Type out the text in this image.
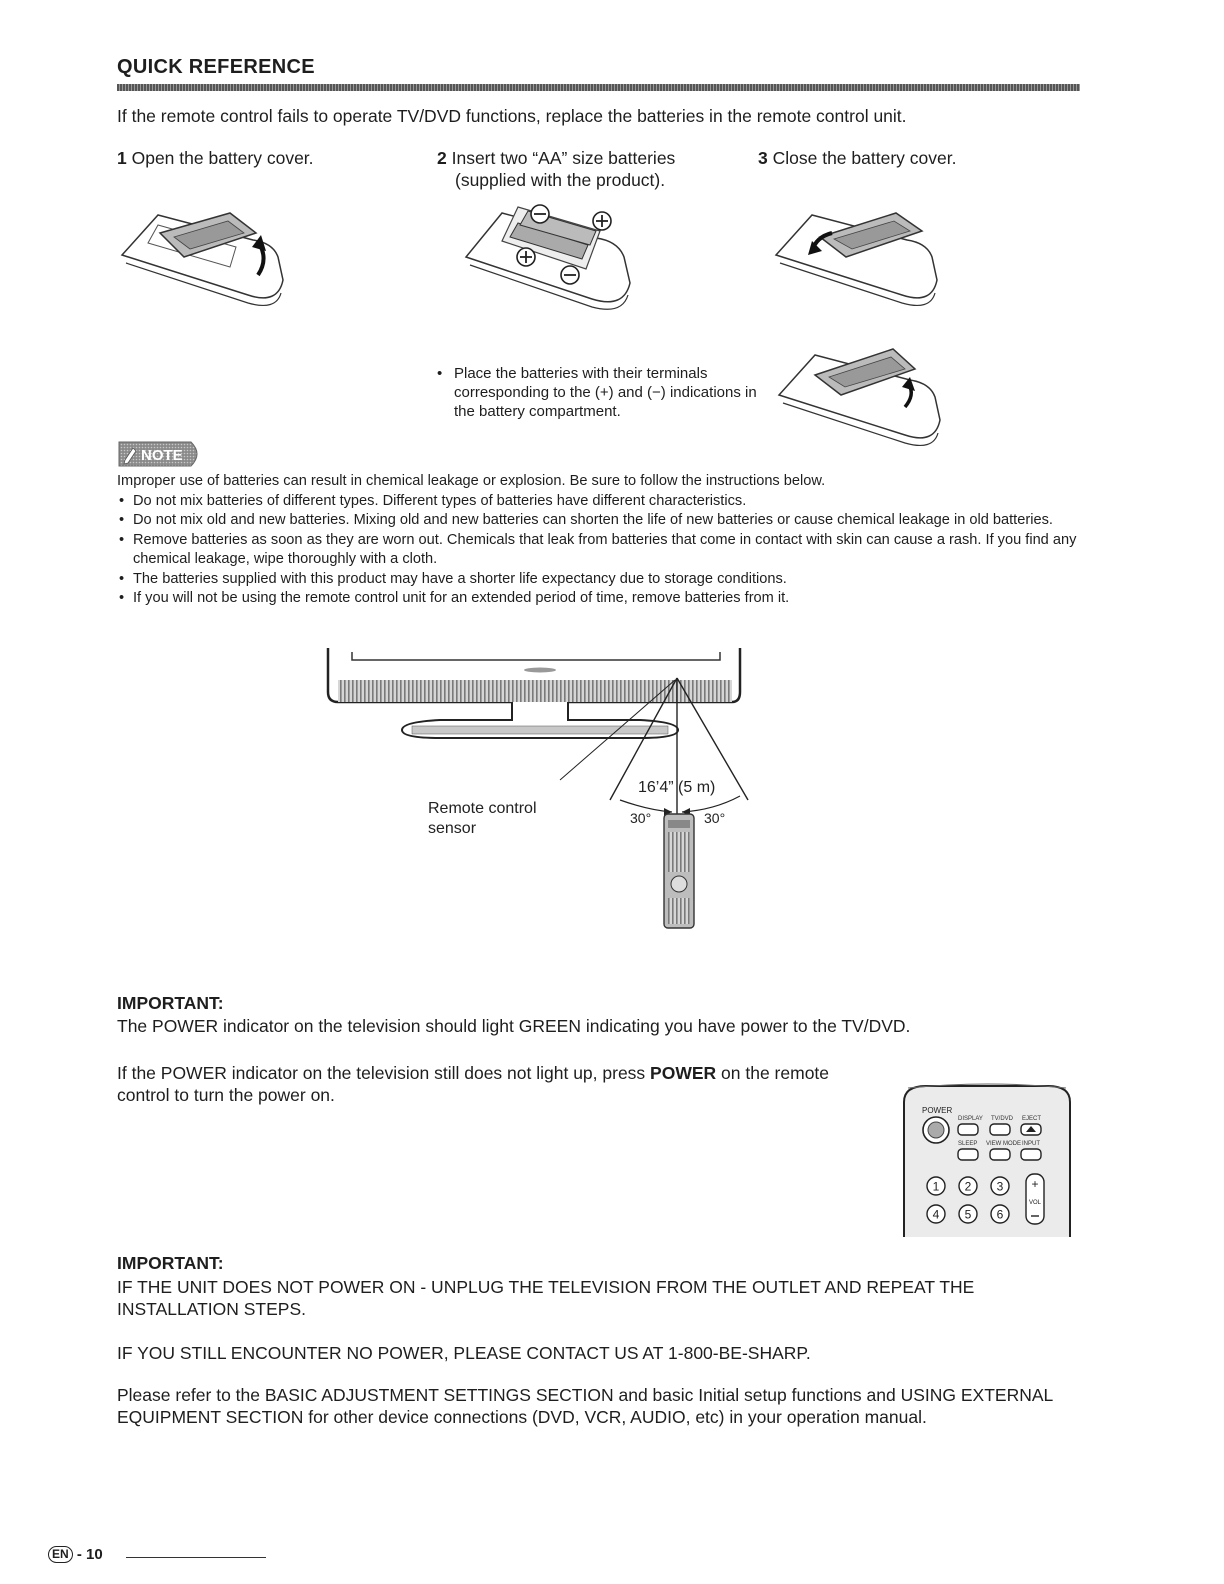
QUICK REFERENCE
If the remote control fails to operate TV/DVD functions, replace the batteries in the remote control unit.
1 Open the battery cover.	2 Insert two “AA” size batteries
(supplied with the product).
3 Close the battery cover.
• Place the batteries with their terminals corresponding to the (+) and (−) indications in the battery compartment.
NOTE
Improper use of batteries can result in chemical leakage or explosion. Be sure to follow the instructions below.
• Do not mix batteries of different types. Different types of batteries have different characteristics.
• Do not mix old and new batteries. Mixing old and new batteries can shorten the life of new batteries or cause chemical leakage in old batteries.
• Remove batteries as soon as they are worn out. Chemicals that leak from batteries that come in contact with skin can cause a rash. If you find any chemical leakage, wipe thoroughly with a cloth.
• The batteries supplied with this product may have a shorter life expectancy due to storage conditions.
• If you will not be using the remote control unit for an extended period of time, remove batteries from it.
16’4” (5 m)
Remote control
sensor
30°	30°
IMPORTANT:
The POWER indicator on the television should light GREEN indicating you have power to the TV/DVD.
If the POWER indicator on the television still does not light up, press POWER on the remote control to turn the power on.
POWER
DISPLAY TV/DVD EJECT
SLEEP VIEW MODE INPUT
1 2 3
4 5 6
+
VOL
IMPORTANT:
IF THE UNIT DOES NOT POWER ON - UNPLUG THE TELEVISION FROM THE OUTLET AND REPEAT THE INSTALLATION STEPS.
IF YOU STILL ENCOUNTER NO POWER, PLEASE CONTACT US AT 1-800-BE-SHARP.
Please refer to the BASIC ADJUSTMENT SETTINGS SECTION and basic Initial setup functions and USING EXTERNAL EQUIPMENT SECTION for other device connections (DVD, VCR, AUDIO, etc) in your operation manual.
EN - 10
